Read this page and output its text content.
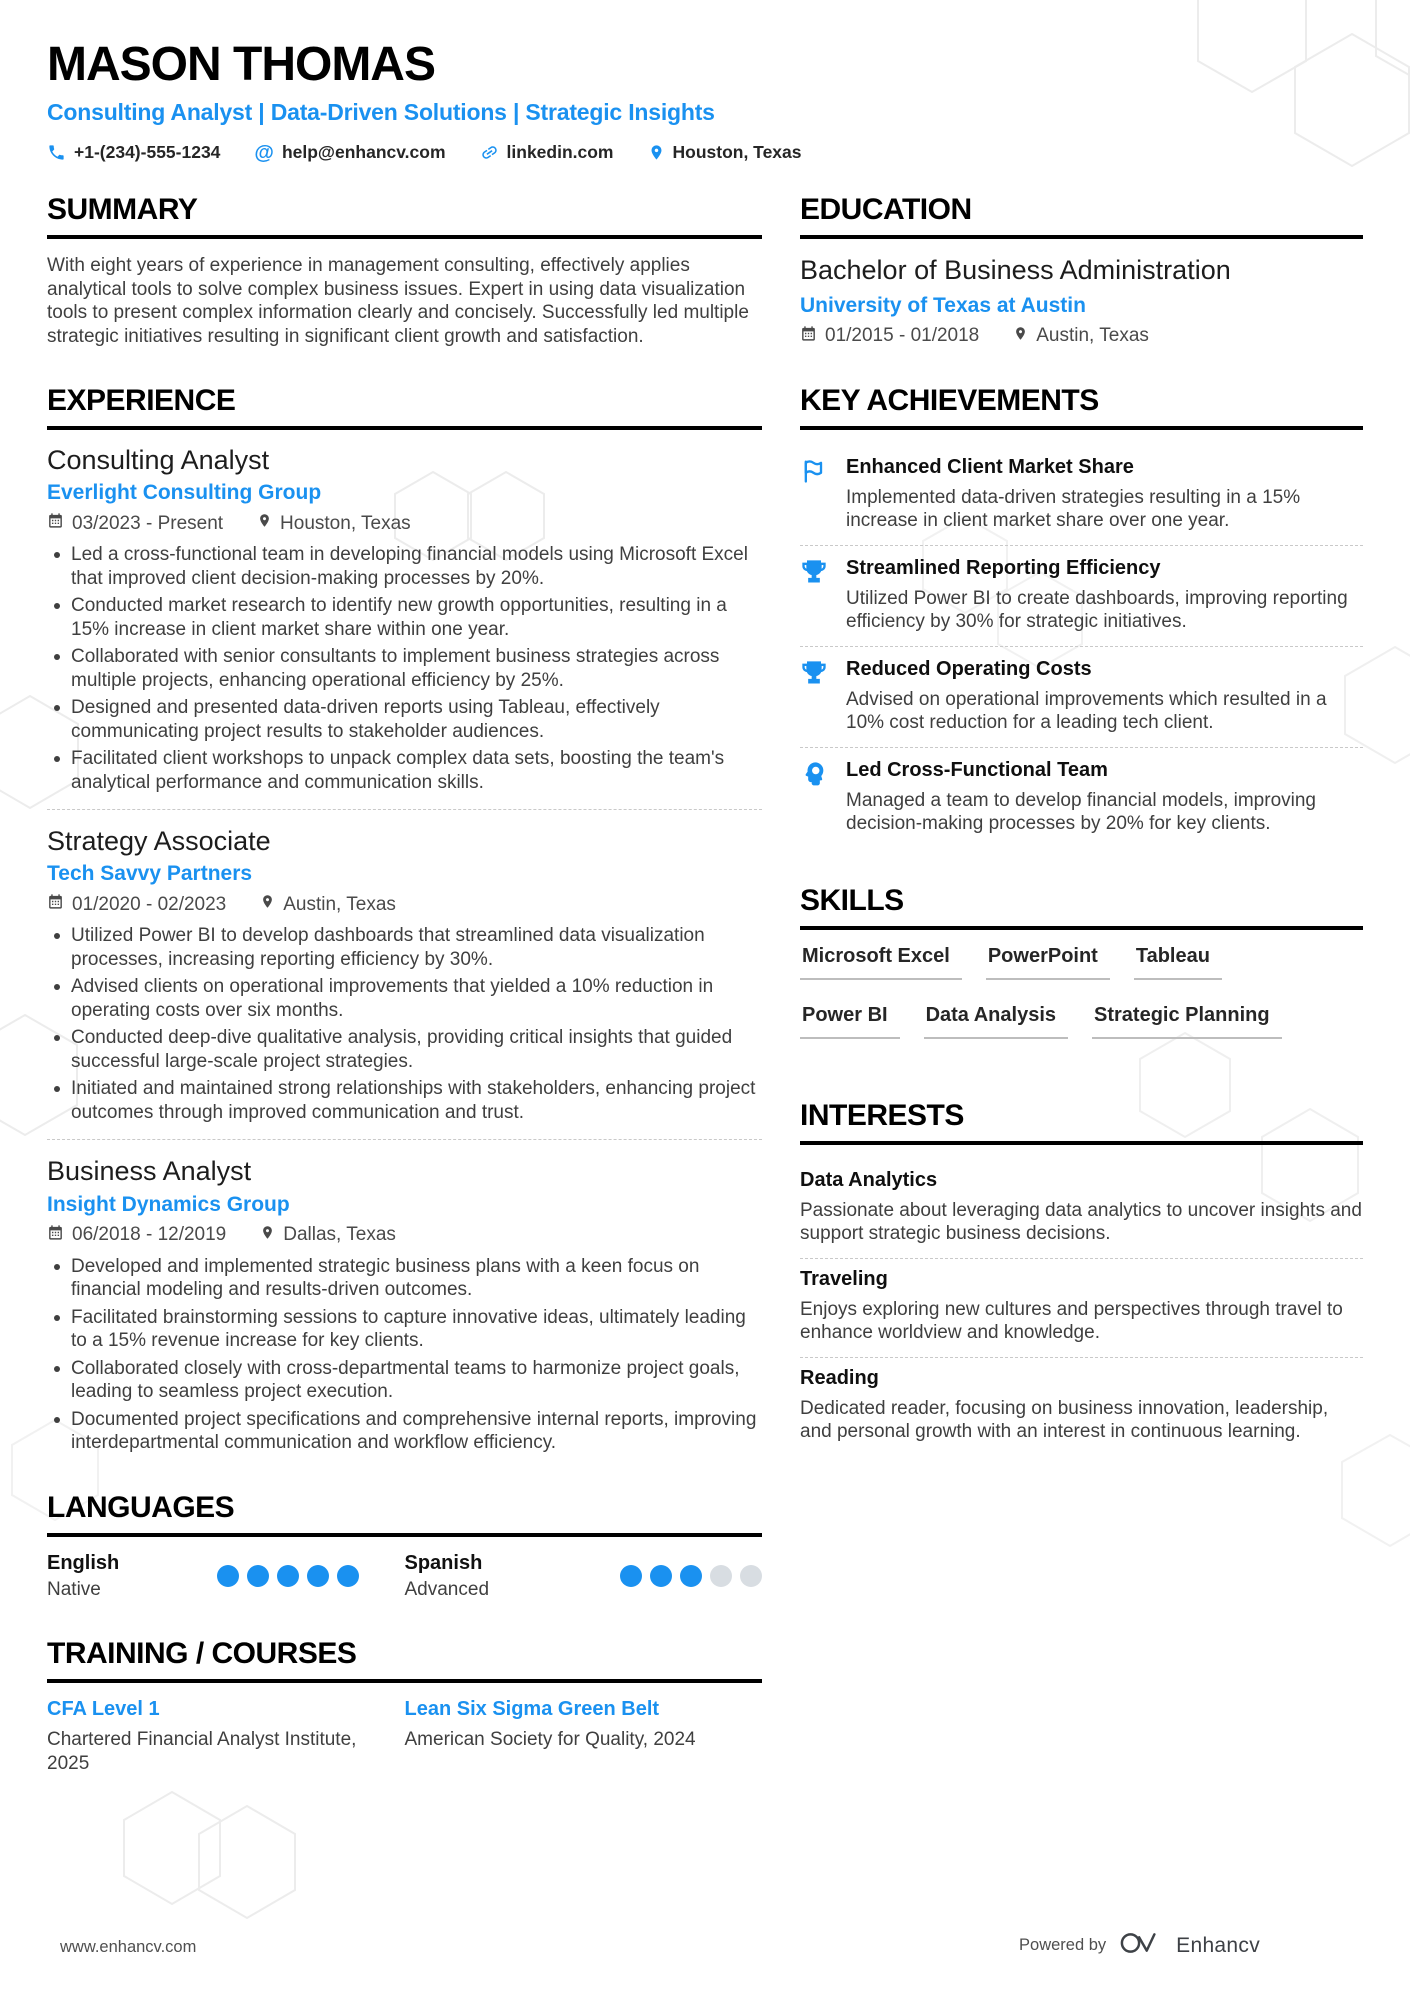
MASON THOMAS
Consulting Analyst | Data-Driven Solutions | Strategic Insights
+1-(234)-555-1234 @ help@enhancv.com	linkedin.com	Houston, Texas
SUMMARY
With eight years of experience in management consulting, effectively applies analytical tools to solve complex business issues. Expert in using data visualization tools to present complex information clearly and concisely. Successfully led multiple strategic initiatives resulting in significant client growth and satisfaction.
EXPERIENCE
Consulting Analyst
Everlight Consulting Group
03/2023 - Present	Houston, Texas
Led a cross-functional team in developing financial models using Microsoft Excel that improved client decision-making processes by 20%.
Conducted market research to identify new growth opportunities, resulting in a 15% increase in client market share within one year.
Collaborated with senior consultants to implement business strategies across multiple projects, enhancing operational efficiency by 25%.
Designed and presented data-driven reports using Tableau, effectively communicating project results to stakeholder audiences.
Facilitated client workshops to unpack complex data sets, boosting the team's analytical performance and communication skills.
Strategy Associate
Tech Savvy Partners
01/2020 - 02/2023	Austin, Texas
Utilized Power BI to develop dashboards that streamlined data visualization processes, increasing reporting efficiency by 30%.
Advised clients on operational improvements that yielded a 10% reduction in operating costs over six months.
Conducted deep-dive qualitative analysis, providing critical insights that guided successful large-scale project strategies.
Initiated and maintained strong relationships with stakeholders, enhancing project outcomes through improved communication and trust.
Business Analyst
Insight Dynamics Group
06/2018 - 12/2019	Dallas, Texas
Developed and implemented strategic business plans with a keen focus on financial modeling and results-driven outcomes.
Facilitated brainstorming sessions to capture innovative ideas, ultimately leading to a 15% revenue increase for key clients.
Collaborated closely with cross-departmental teams to harmonize project goals, leading to seamless project execution.
Documented project specifications and comprehensive internal reports, improving interdepartmental communication and workflow efficiency.
LANGUAGES
English
Native
Spanish
Advanced
TRAINING / COURSES
CFA Level 1
Chartered Financial Analyst Institute, 2025
Lean Six Sigma Green Belt
American Society for Quality, 2024
EDUCATION
Bachelor of Business Administration
University of Texas at Austin
01/2015 - 01/2018	Austin, Texas
KEY ACHIEVEMENTS
Enhanced Client Market Share
Implemented data-driven strategies resulting in a 15% increase in client market share over one year.
Streamlined Reporting Efficiency
Utilized Power BI to create dashboards, improving reporting efficiency by 30% for strategic initiatives.
Reduced Operating Costs
Advised on operational improvements which resulted in a 10% cost reduction for a leading tech client.
Led Cross-Functional Team
Managed a team to develop financial models, improving decision-making processes by 20% for key clients.
SKILLS
Microsoft Excel	PowerPoint	Tableau
Power BI	Data Analysis	Strategic Planning
INTERESTS
Data Analytics
Passionate about leveraging data analytics to uncover insights and support strategic business decisions.
Traveling
Enjoys exploring new cultures and perspectives through travel to enhance worldview and knowledge.
Reading
Dedicated reader, focusing on business innovation, leadership, and personal growth with an interest in continuous learning.
www.enhancv.com	Powered by	Enhancv
